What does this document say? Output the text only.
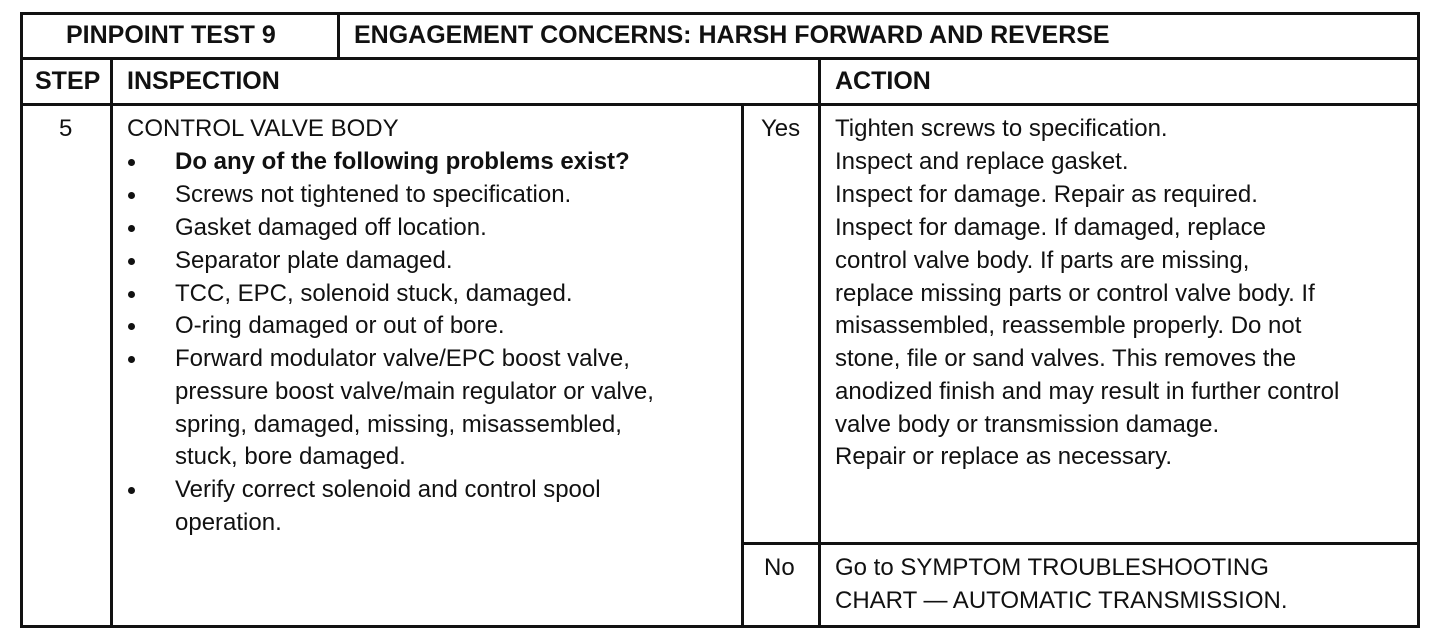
PINPOINT TEST 9	ENGAGEMENT CONCERNS: HARSH FORWARD AND REVERSE
STEP INSPECTION	ACTION
5 CONTROL VALVE BODY
Do any of the following problems exist?
Screws not tightened to specification.
Gasket damaged off location.
Separator plate damaged.
TCC, EPC, solenoid stuck, damaged.
O-ring damaged or out of bore.
Forward modulator valve/EPC boost valve,
pressure boost valve/main regulator or valve,
spring, damaged, missing, misassembled,
stuck, bore damaged.
Verify correct solenoid and control spool
operation.
Yes
No
Tighten screws to specification.
Inspect and replace gasket.
Inspect for damage. Repair as required.
Inspect for damage. If damaged, replace
control valve body. If parts are missing,
replace missing parts or control valve body. If
misassembled, reassemble properly. Do not
stone, file or sand valves. This removes the
anodized finish and may result in further control
valve body or transmission damage.
Repair or replace as necessary.
Go to SYMPTOM TROUBLESHOOTING
CHART — AUTOMATIC TRANSMISSION.
